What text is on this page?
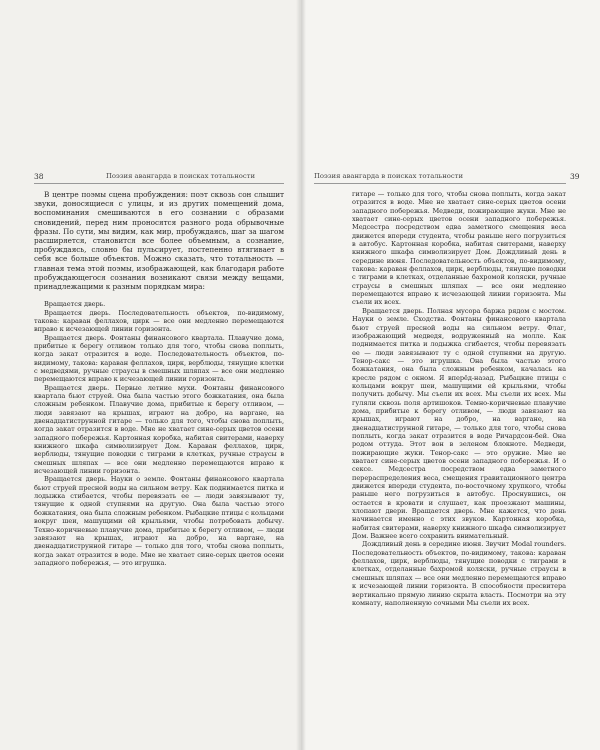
38	Поэзия авангарда в поисках тотальности

В центре поэмы сцена пробуждения: поэт сквозь сон слышит звуки, доносящиеся с улицы, и из других помещений дома, воспоминания смешиваются в его сознании с образами сновидений, перед ним проносятся разного рода обрывочные фразы. По сути, мы видим, как мир, пробуждаясь, шаг за шагом расширяется, становится все более объемным, а сознание, пробуждаясь, словно бы пульсирует, постепенно втягивает в себя все больше объектов. Можно сказать, что тотальность — главная тема этой поэмы, изображающей, как благодаря работе пробуждающегося сознания возникают связи между вещами, принадлежащими к разным порядкам мира:

Вращается дверь.

Вращается дверь. Последовательность объектов, по-видимому, такова: караван феллахов, цирк — все они медленно перемещаются вправо к исчезающей линии горизонта.

Вращается дверь. Фонтаны финансового квартала. Плавучие дома, прибитые к берегу отливом только для того, чтобы снова поплыть, когда закат отразится в воде. Последовательность объектов, по-видимому, такова: караван феллахов, цирк, верблюды, тянущие клетки с медведями, ручные страусы в смешных шляпах — все они медленно перемещаются вправо к исчезающей линии горизонта.

Вращается дверь. Первые летние мухи. Фонтаны финансового квартала бьют струей. Она была частью этого божкатания, она была сложным ребенком. Плавучие дома, прибитые к берегу отливом, — люди завязают на крышах, играют на добро, на варгане, на двенадцатиструнной гитаре — только для того, чтобы снова поплыть, когда закат отразится в воде. Мне не хватает сине-серых цветов осени западного побережья. Картонная коробка, набитая свитерами, наверху книжного шкафа символизирует Дом. Караван феллахов, цирк, верблюды, тянущие поводки с тиграми в клетках, ручные страусы в смешных шляпах — все они медленно перемещаются вправо к исчезающей линии горизонта.

Вращается дверь. Науки о земле. Фонтаны финансового квартала бьют струей пресной воды на сильном ветру. Как поднимается питка и лодыжка стибается, чтобы перевязать ее — люди завязывают ту, тянущие к одной ступнями на другую. Она была частью этого божкатания, она была сложным ребенком. Рыбацкие птицы с кольцами вокруг шеи, машущими ей крыльями, чтобы потребовать добычу. Техно-коричневые плавучие дома, прибитые к берегу отливом, — люди завязают на крышах, играют на добро, на варгане, на двенадцатиструнной гитаре — только для того, чтобы снова поплыть, когда закат отразится в воде. Мне не хватает сине-серых цветов осени западного побережья, — это игрушка.

Поэзия авангарда в поисках тотальности	39

гитаре — только для того, чтобы снова поплыть, когда закат отразится в воде. Мне не хватает сине-серых цветов осени западного побережья. Медведи, пожирающие жуки. Мне не хватает сине-серых цветов осени западного побережья. Медсестра посредством едва заметного смещения веса движется впереди студента, чтобы раньше него погрузиться в автобус. Картонная коробка, набитая свитерами, наверху книжного шкафа символизирует Дом. Дождливый день в середине июня. Последовательность объектов, по-видимому, такова: караван феллахов, цирк, верблюды, тянущие поводки с тиграми в клетках, отделанные бахромой коляски, ручные страусы в смешных шляпах — все они медленно перемещаются вправо к исчезающей линии горизонта. Мы съели их всех.

Вращается дверь. Полная мусора баржа рядом с мостом. Науки о земле. Сходства. Фонтаны финансового квартала бьют струей пресной воды на сильном ветру. Флаг, изображающий медведя, водруженный на молле. Как поднимается питка и лодыжка сгибается, чтобы перевязать ее — люди завязывают ту с одной ступнями на другую. Тенор-сакс — это игрушка. Она была частью этого божкатания, она была сложным ребенком, качалась на кресле рядом с окном. Я вперёд-назад. Рыбацкие птицы с кольцами вокруг шеи, машущими ей крыльями, чтобы получить добычу. Мы съели их всех. Мы съели их всех. Мы гуляли сквозь поля артишоков. Темно-коричневые плавучие дома, прибитые к берегу отливом, — люди завязают на крышах, играют на добро, на варгане, на двенадцатиструнной гитаре, — только для того, чтобы снова поплыть, когда закат отразится в воде Ричардсон-бей. Она родом оттуда. Этот вон в зеленом блокноте. Медведи, пожирающие жуки. Тенор-сакс — это оружие. Мне не хватает сине-серых цветов осени западного побережья. И о сексе. Медсестра посредством едва заметного перераспределения веса, смещения гравитационного центра движется впереди студента, по-восточному хрупкого, чтобы раньше него погрузиться в автобус. Проснувшись, он остается в кровати и слушает, как проезжают машины, хлопают двери. Вращается дверь. Мне кажется, что день начинается именно с этих звуков. Картонная коробка, набитая свитерами, наверху книжного шкафа символизирует Дом. Важнее всего сохранить внимательный.

Дождливый день в середине июня. Звучит Modal rounders. Последовательность объектов, по-видимому, такова: караван феллахов, цирк, верблюды, тянущие поводки с тиграми в клетках, отделанные бахромой коляски, ручные страусы в смешных шляпах — все они медленно перемещаются вправо к исчезающей линии горизонта. В способности пресвитера вертикально прямую линию скрыта власть. Посмотри на эту комнату, наполненную сочными Мы съели их всех.
